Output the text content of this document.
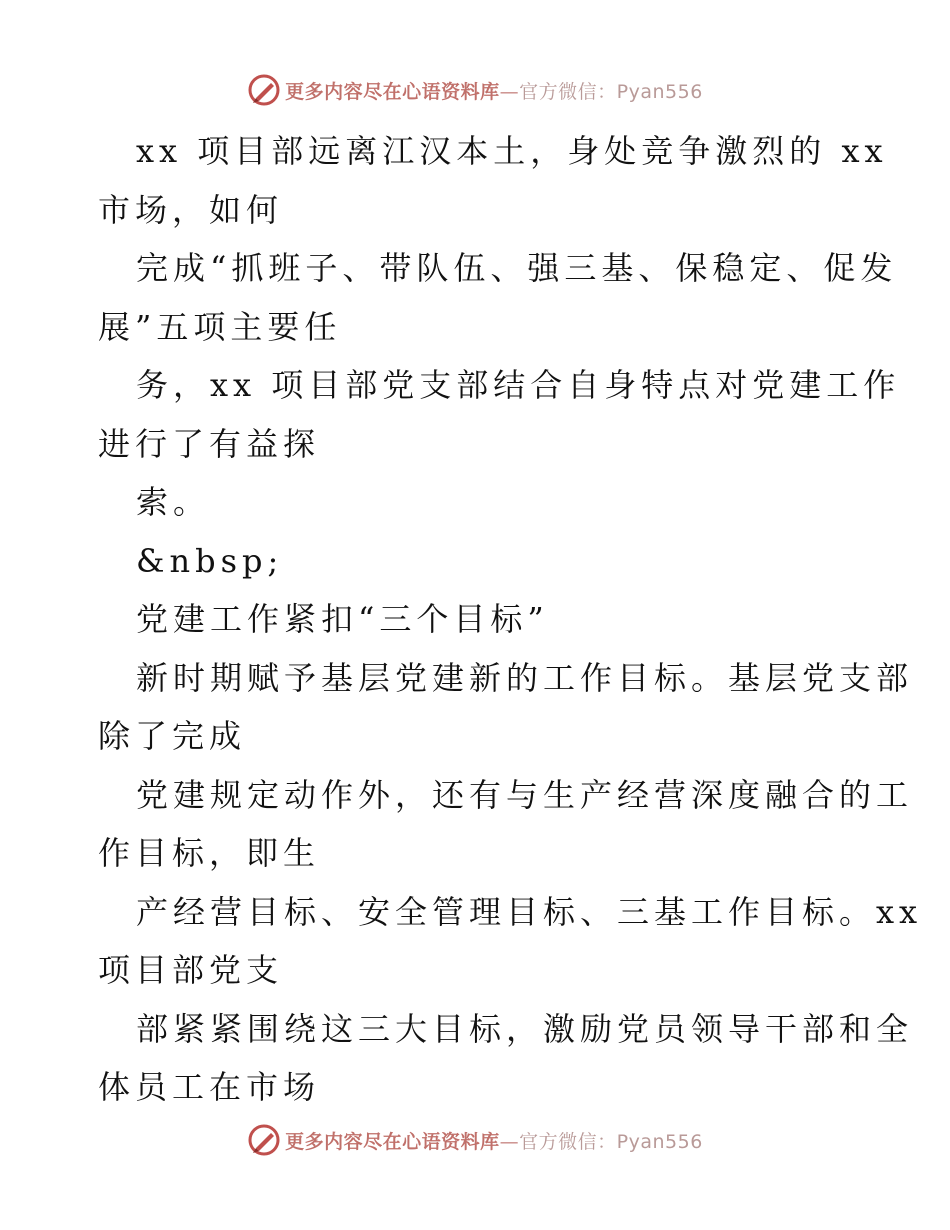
更多内容尽在心语资料库—官方微信：Pyan556
xx 项目部远离江汉本土，身处竞争激烈的 xx
市场，如何
完成“抓班子、带队伍、强三基、保稳定、促发
展”五项主要任
务，xx 项目部党支部结合自身特点对党建工作
进行了有益探
索。
&nbsp;
党建工作紧扣“三个目标”
新时期赋予基层党建新的工作目标。基层党支部
除了完成
党建规定动作外，还有与生产经营深度融合的工
作目标，即生
产经营目标、安全管理目标、三基工作目标。xx
项目部党支
部紧紧围绕这三大目标，激励党员领导干部和全
体员工在市场
更多内容尽在心语资料库—官方微信：Pyan556
